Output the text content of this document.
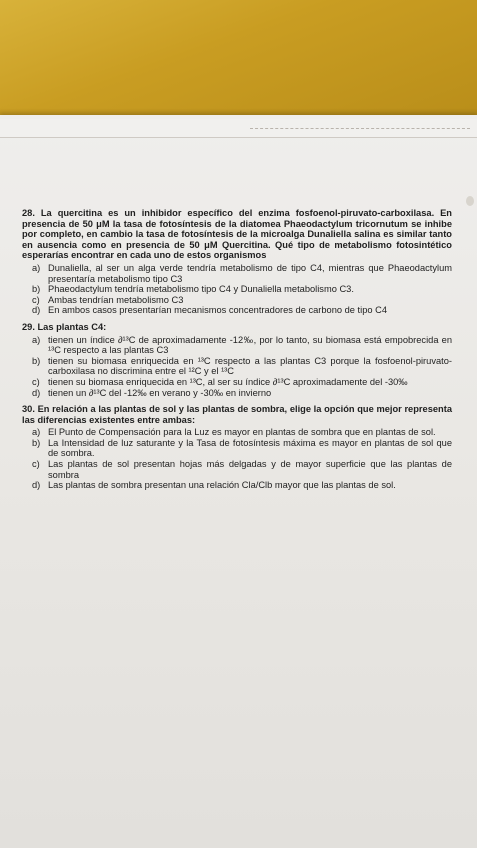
28. La quercitina es un inhibidor específico del enzima fosfoenol-piruvato-carboxilasa. En presencia de 50 μM la tasa de fotosíntesis de la diatomea Phaeodactylum tricornutum se inhibe por completo, en cambio la tasa de fotosíntesis de la microalga Dunaliella salina es similar tanto en ausencia como en presencia de 50 μM Quercitina. Qué tipo de metabolismo fotosintético esperarías encontrar en cada uno de estos organismos

a) Dunaliella, al ser un alga verde tendría metabolismo de tipo C4, mientras que Phaeodactylum presentaría metabolismo tipo C3
b) Phaeodactylum tendría metabolismo tipo C4 y Dunaliella metabolismo C3.
c) Ambas tendrían metabolismo C3
d) En ambos casos presentarían mecanismos concentradores de carbono de tipo C4

29. Las plantas C4:

a) tienen un índice ∂¹³C de aproximadamente -12‰, por lo tanto, su biomasa está empobrecida en ¹³C respecto a las plantas C3
b) tienen su biomasa enriquecida en ¹³C respecto a las plantas C3 porque la fosfoenol-piruvato-carboxilasa no discrimina entre el ¹²C y el ¹³C
c) tienen su biomasa enriquecida en ¹³C, al ser su índice ∂¹³C aproximadamente del -30‰
d) tienen un ∂¹³C del -12‰ en verano y -30‰ en invierno

30. En relación a las plantas de sol y las plantas de sombra, elige la opción que mejor representa las diferencias existentes entre ambas:

a) El Punto de Compensación para la Luz es mayor en plantas de sombra que en plantas de sol.
b) La Intensidad de luz saturante y la Tasa de fotosíntesis máxima es mayor en plantas de sol que de sombra.
c) Las plantas de sol presentan hojas más delgadas y de mayor superficie que las plantas de sombra
d) Las plantas de sombra presentan una relación Cla/Clb mayor que las plantas de sol.
